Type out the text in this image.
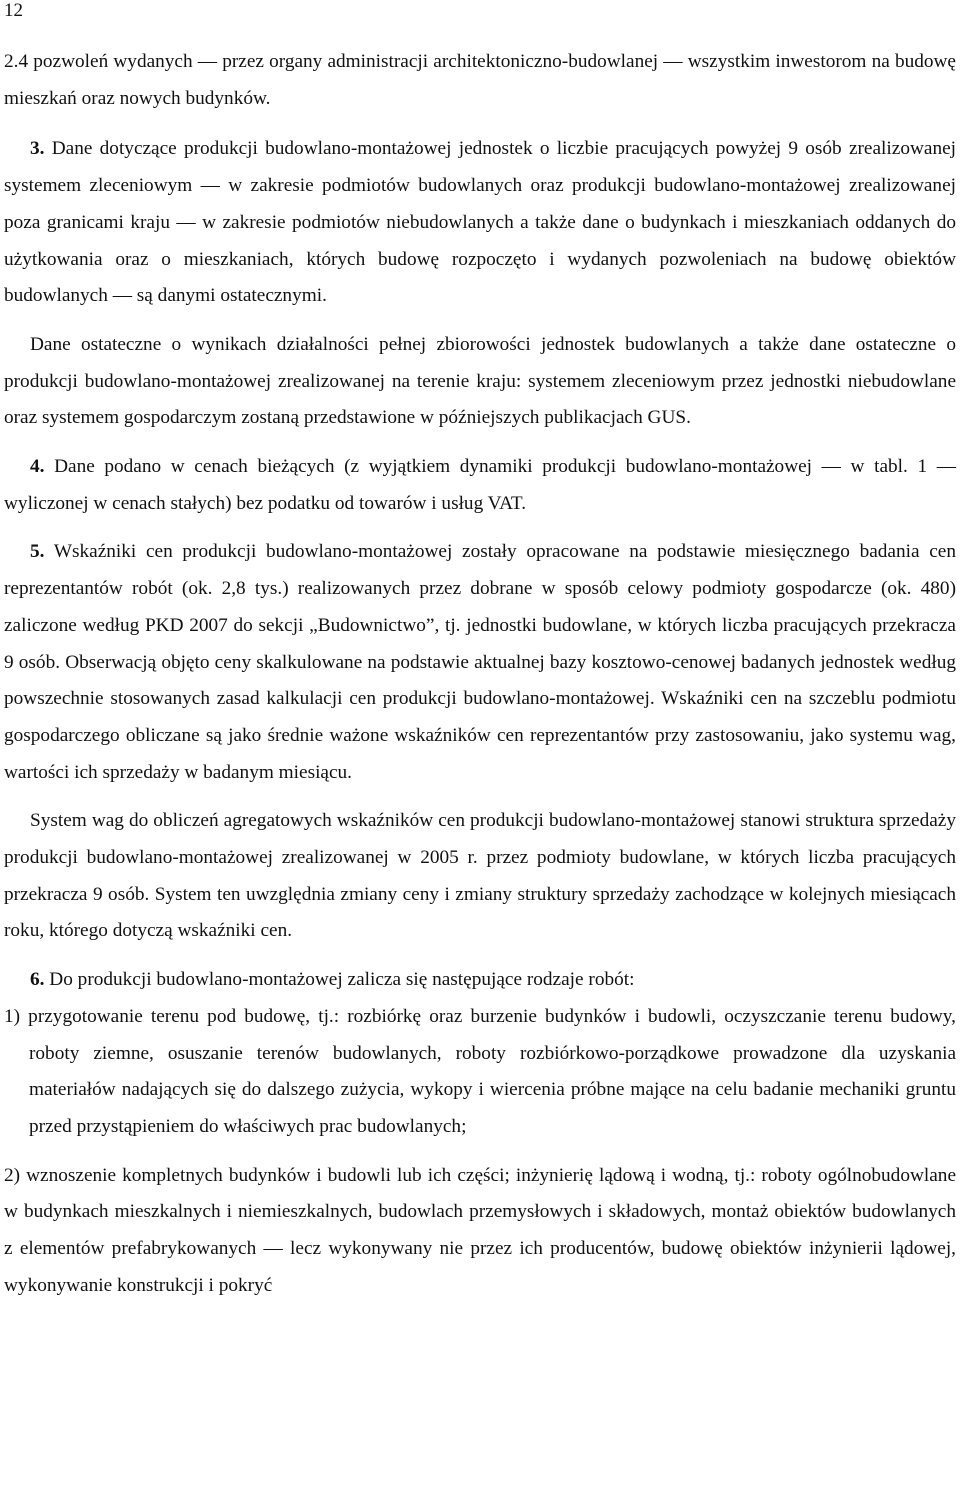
12

2.4 pozwoleń wydanych — przez organy administracji architektoniczno-budowlanej — wszystkim inwestorom na budowę mieszkań oraz nowych budynków.

3. Dane dotyczące produkcji budowlano-montażowej jednostek o liczbie pracujących powyżej 9 osób zrealizowanej systemem zleceniowym — w zakresie podmiotów budowlanych oraz produkcji budowlano-montażowej zrealizowanej poza granicami kraju — w zakresie podmiotów niebudowlanych a także dane o budynkach i mieszkaniach oddanych do użytkowania oraz o mieszkaniach, których budowę rozpoczęto i wydanych pozwoleniach na budowę obiektów budowlanych — są danymi ostatecznymi.

Dane ostateczne o wynikach działalności pełnej zbiorowości jednostek budowlanych a także dane ostateczne o produkcji budowlano-montażowej zrealizowanej na terenie kraju: systemem zleceniowym przez jednostki niebudowlane oraz systemem gospodarczym zostaną przedstawione w późniejszych publikacjach GUS.

4. Dane podano w cenach bieżących (z wyjątkiem dynamiki produkcji budowlano-montażowej — w tabl. 1 — wyliczonej w cenach stałych) bez podatku od towarów i usług VAT.

5. Wskaźniki cen produkcji budowlano-montażowej zostały opracowane na podstawie miesięcznego badania cen reprezentantów robót (ok. 2,8 tys.) realizowanych przez dobrane w sposób celowy podmioty gospodarcze (ok. 480) zaliczone według PKD 2007 do sekcji „Budownictwo”, tj. jednostki budowlane, w których liczba pracujących przekracza 9 osób. Obserwacją objęto ceny skalkulowane na podstawie aktualnej bazy kosztowo-cenowej badanych jednostek według powszechnie stosowanych zasad kalkulacji cen produkcji budowlano-montażowej. Wskaźniki cen na szczeblu podmiotu gospodarczego obliczane są jako średnie ważone wskaźników cen reprezentantów przy zastosowaniu, jako systemu wag, wartości ich sprzedaży w badanym miesiącu.

System wag do obliczeń agregatowych wskaźników cen produkcji budowlano-montażowej stanowi struktura sprzedaży produkcji budowlano-montażowej zrealizowanej w 2005 r. przez podmioty budowlane, w których liczba pracujących przekracza 9 osób. System ten uwzględnia zmiany ceny i zmiany struktury sprzedaży zachodzące w kolejnych miesiącach roku, którego dotyczą wskaźniki cen.

6. Do produkcji budowlano-montażowej zalicza się następujące rodzaje robót:

1) przygotowanie terenu pod budowę, tj.: rozbiórkę oraz burzenie budynków i budowli, oczyszczanie terenu budowy, roboty ziemne, osuszanie terenów budowlanych, roboty rozbiórkowo-porządkowe prowadzone dla uzyskania materiałów nadających się do dalszego zużycia, wykopy i wiercenia próbne mające na celu badanie mechaniki gruntu przed przystąpieniem do właściwych prac budowlanych;

2) wznoszenie kompletnych budynków i budowli lub ich części; inżynierię lądową i wodną, tj.: roboty ogólnobudowlane w budynkach mieszkalnych i niemieszkalnych, budowlach przemysłowych i składowych, montaż obiektów budowlanych z elementów prefabrykowanych — lecz wykonywany nie przez ich producentów, budowę obiektów inżynierii lądowej, wykonywanie konstrukcji i pokryć
